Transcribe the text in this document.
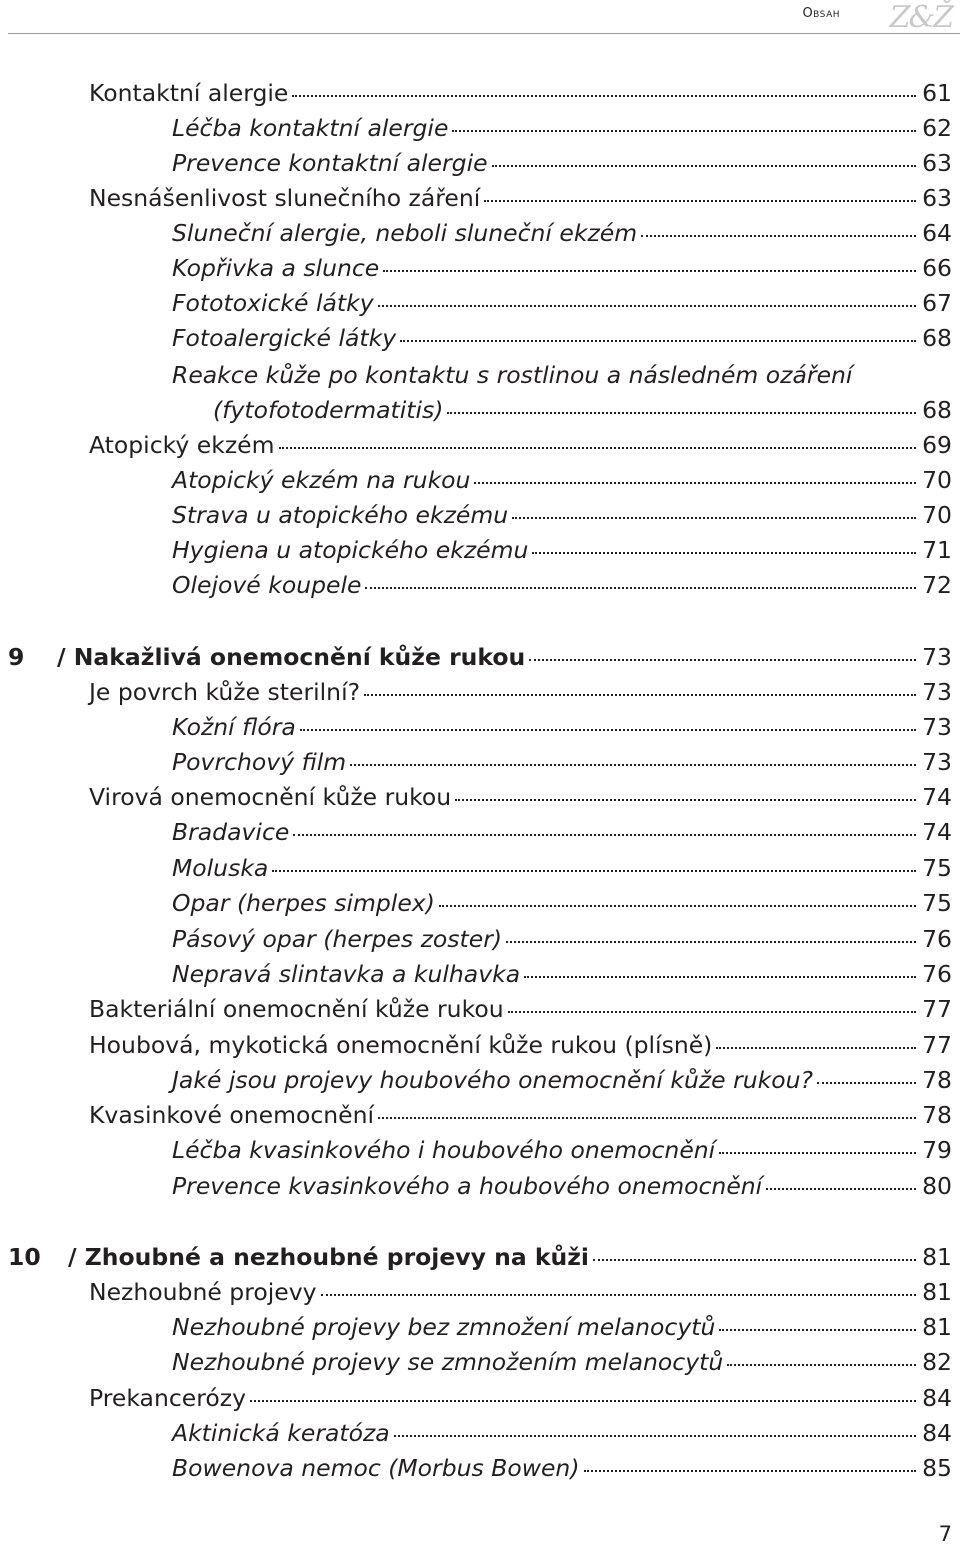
Obsah Z&Ž
Kontaktní alergie	61
Léčba kontaktní alergie	62
Prevence kontaktní alergie	63
Nesnášenlivost slunečního záření	63
Sluneční alergie, neboli sluneční ekzém	64
Kopřivka a slunce	66
Fototoxické látky	67
Fotoalergické látky	68
Reakce kůže po kontaktu s rostlinou a následném ozáření
(fytofotodermatitis)	68
Atopický ekzém	69
Atopický ekzém na rukou	70
Strava u atopického ekzému	70
Hygiena u atopického ekzému	71
Olejové koupele	72
9 / Nakažlivá onemocnění kůže rukou	73
Je povrch kůže sterilní?	73
Kožní flóra	73
Povrchový film	73
Virová onemocnění kůže rukou	74
Bradavice	74
Moluska	75
Opar (herpes simplex)	75
Pásový opar (herpes zoster)	76
Nepravá slintavka a kulhavka	76
Bakteriální onemocnění kůže rukou	77
Houbová, mykotická onemocnění kůže rukou (plísně)	77
Jaké jsou projevy houbového onemocnění kůže rukou?	78
Kvasinkové onemocnění	78
Léčba kvasinkového i houbového onemocnění	79
Prevence kvasinkového a houbového onemocnění	80
10 / Zhoubné a nezhoubné projevy na kůži	81
Nezhoubné projevy	81
Nezhoubné projevy bez zmnožení melanocytů	81
Nezhoubné projevy se zmnožením melanocytů	82
Prekancerózy	84
Aktinická keratóza	84
Bowenova nemoc (Morbus Bowen)	85
7
